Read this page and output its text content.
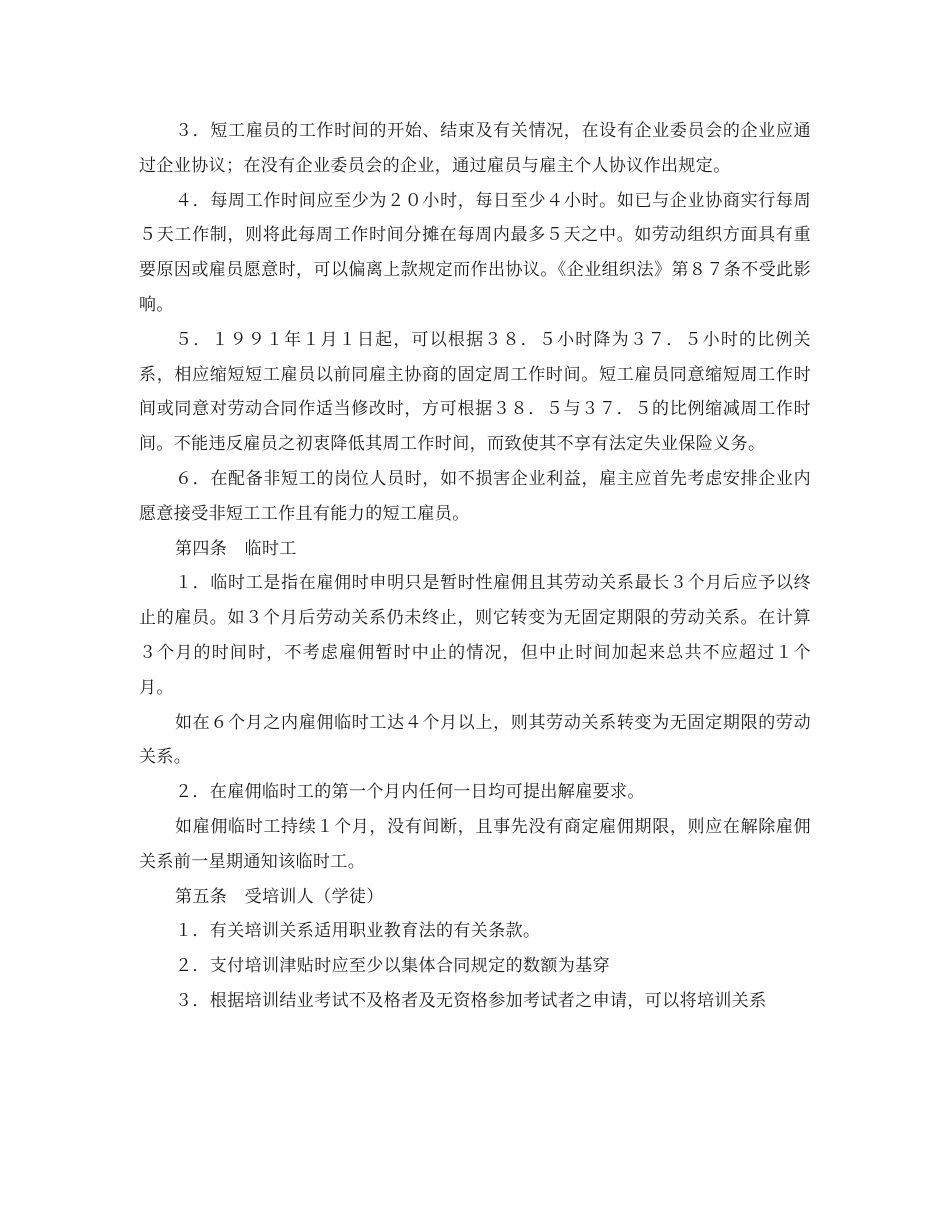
３．短工雇员的工作时间的开始、结束及有关情况，在设有企业委员会的企业应通过企业协议；在没有企业委员会的企业，通过雇员与雇主个人协议作出规定。

４．每周工作时间应至少为２０小时，每日至少４小时。如已与企业协商实行每周５天工作制，则将此每周工作时间分摊在每周内最多５天之中。如劳动组织方面具有重要原因或雇员愿意时，可以偏离上款规定而作出协议。《企业组织法》第８７条不受此影响。

５．１９９１年１月１日起，可以根据３８．５小时降为３７．５小时的比例关系，相应缩短短工雇员以前同雇主协商的固定周工作时间。短工雇员同意缩短周工作时间或同意对劳动合同作适当修改时，方可根据３８．５与３７．５的比例缩减周工作时间。不能违反雇员之初衷降低其周工作时间，而致使其不享有法定失业保险义务。

６．在配备非短工的岗位人员时，如不损害企业利益，雇主应首先考虑安排企业内愿意接受非短工工作且有能力的短工雇员。

第四条　临时工

１．临时工是指在雇佣时申明只是暂时性雇佣且其劳动关系最长３个月后应予以终止的雇员。如３个月后劳动关系仍未终止，则它转变为无固定期限的劳动关系。在计算３个月的时间时，不考虑雇佣暂时中止的情况，但中止时间加起来总共不应超过１个月。

如在６个月之内雇佣临时工达４个月以上，则其劳动关系转变为无固定期限的劳动关系。

２．在雇佣临时工的第一个月内任何一日均可提出解雇要求。

如雇佣临时工持续１个月，没有间断，且事先没有商定雇佣期限，则应在解除雇佣关系前一星期通知该临时工。

第五条　受培训人（学徒）

１．有关培训关系适用职业教育法的有关条款。

２．支付培训津贴时应至少以集体合同规定的数额为基穿

３．根据培训结业考试不及格者及无资格参加考试者之申请，可以将培训关系
